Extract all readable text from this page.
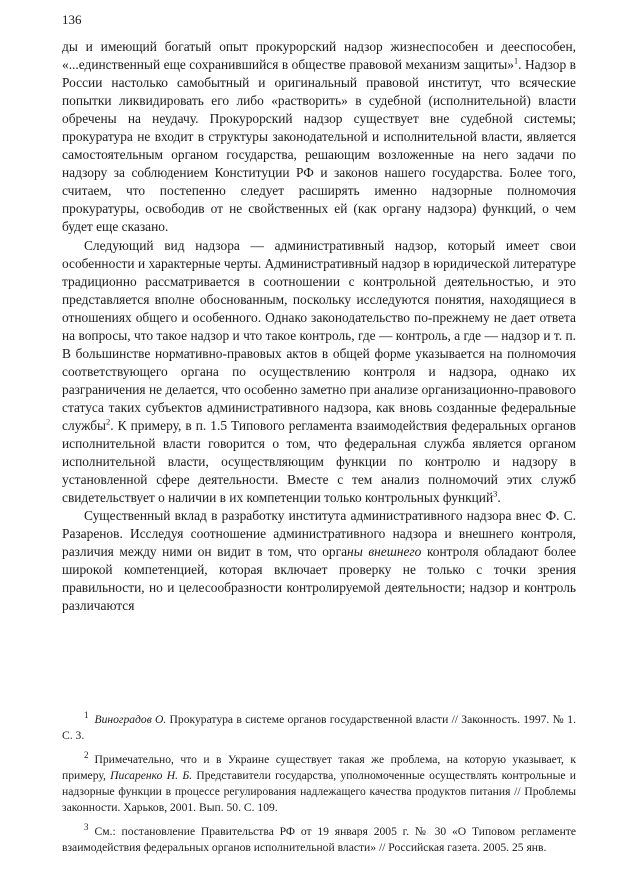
136

ды и имеющий богатый опыт прокурорский надзор жизнеспособен и дееспособен, «...единственный еще сохранившийся в обществе правовой механизм защиты»$^1$. Надзор в России настолько самобытный и оригинальный правовой институт, что всяческие попытки ликвидировать его либо «растворить» в судебной (исполнительной) власти обречены на неудачу. Прокурорский надзор существует вне судебной системы; прокуратура не входит в структуры законодательной и исполнительной власти, является самостоятельным органом государства, решающим возложенные на него задачи по надзору за соблюдением Конституции РФ и законов нашего государства. Более того, считаем, что постепенно следует расширять именно надзорные полномочия прокуратуры, освободив от не свойственных ей (как органу надзора) функций, о чем будет еще сказано.

Следующий вид надзора — административный надзор, который имеет свои особенности и характерные черты. Административный надзор в юридической литературе традиционно рассматривается в соотношении с контрольной деятельностью, и это представляется вполне обоснованным, поскольку исследуются понятия, находящиеся в отношениях общего и особенного. Однако законодательство по-прежнему не дает ответа на вопросы, что такое надзор и что такое контроль, где — контроль, а где — надзор и т. п. В большинстве нормативно-правовых актов в общей форме указывается на полномочия соответствующего органа по осуществлению контроля и надзора, однако их разграничения не делается, что особенно заметно при анализе организационно-правового статуса таких субъектов административного надзора, как вновь созданные федеральные службы$^2$. К примеру, в п. 1.5 Типового регламента взаимодействия федеральных органов исполнительной власти говорится о том, что федеральная служба является органом исполнительной власти, осуществляющим функции по контролю и надзору в установленной сфере деятельности. Вместе с тем анализ полномочий этих служб свидетельствует о наличии в их компетенции только контрольных функций$^3$.

Существенный вклад в разработку института административного надзора внес Ф. С. Разаренов. Исследуя соотношение административного надзора и внешнего контроля, различия между ними он видит в том, что органы внешнего контроля обладают более широкой компетенцией, которая включает проверку не только с точки зрения правильности, но и целесообразности контролируемой деятельности; надзор и контроль различаются

$^1$ Виноградов О. Прокуратура в системе органов государственной власти // Законность. 1997. № 1. С. 3.

$^2$ Примечательно, что и в Украине существует такая же проблема, на которую указывает, к примеру, Писаренко Н. Б. Представители государства, уполномоченные осуществлять контрольные и надзорные функции в процессе регулирования надлежащего качества продуктов питания // Проблемы законности. Харьков, 2001. Вып. 50. С. 109.

$^3$ См.: постановление Правительства РФ от 19 января 2005 г. № 30 «О Типовом регламенте взаимодействия федеральных органов исполнительной власти» // Российская газета. 2005. 25 янв.
